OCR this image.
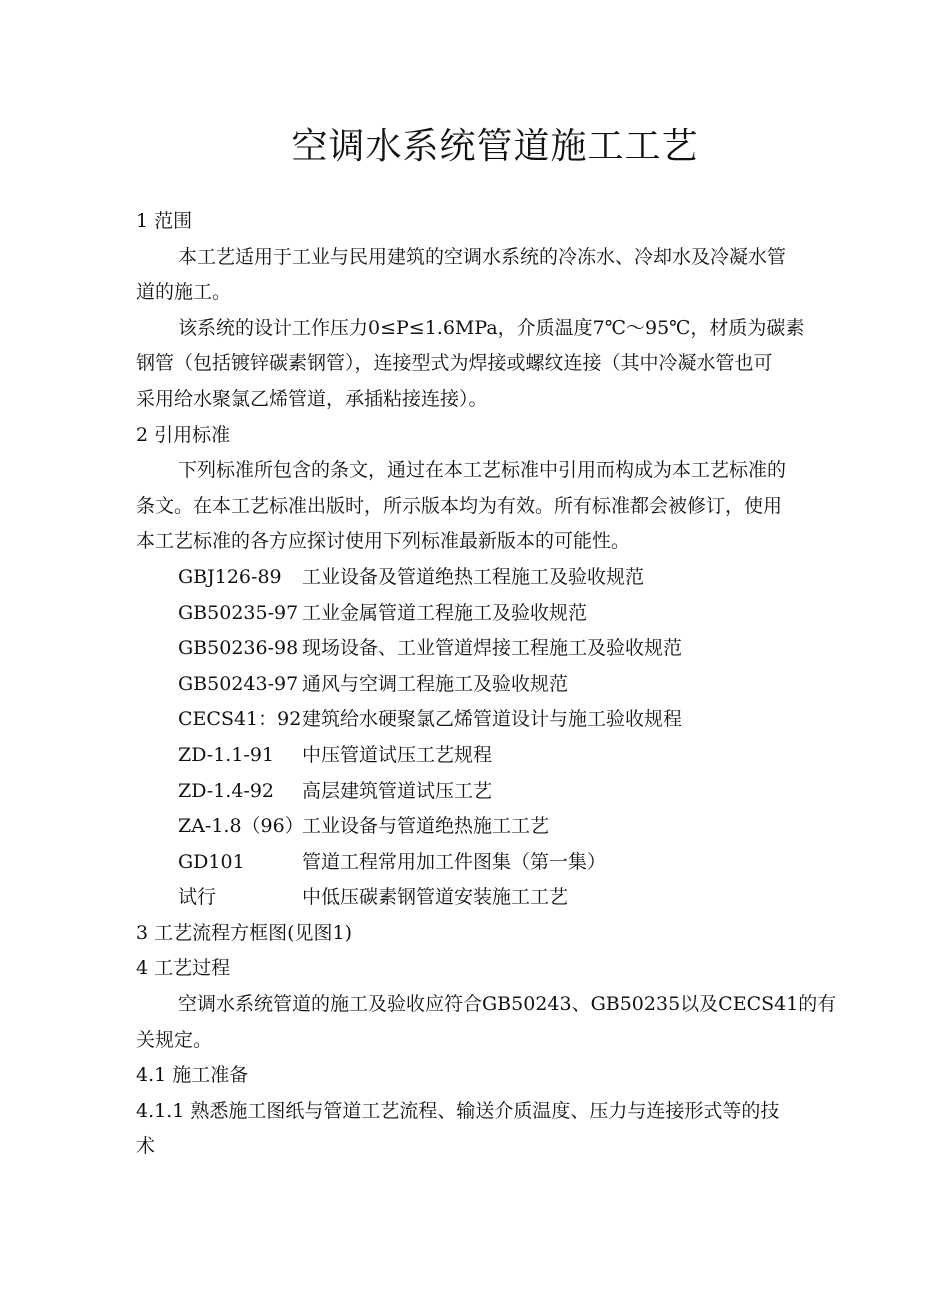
空调水系统管道施工工艺
1 范围
本工艺适用于工业与民用建筑的空调水系统的冷冻水、冷却水及冷凝水管
道的施工。
该系统的设计工作压力0≤P≤1.6MPa，介质温度7℃～95℃，材质为碳素
钢管（包括镀锌碳素钢管），连接型式为焊接或螺纹连接（其中冷凝水管也可
采用给水聚氯乙烯管道，承插粘接连接）。
2 引用标准
下列标准所包含的条文，通过在本工艺标准中引用而构成为本工艺标准的
条文。在本工艺标准出版时，所示版本均为有效。所有标准都会被修订，使用
本工艺标准的各方应探讨使用下列标准最新版本的可能性。
GBJ126-89 工业设备及管道绝热工程施工及验收规范
GB50235-97 工业金属管道工程施工及验收规范
GB50236-98 现场设备、工业管道焊接工程施工及验收规范
GB50243-97 通风与空调工程施工及验收规范
CECS41：92建筑给水硬聚氯乙烯管道设计与施工验收规程
ZD-1.1-91 中压管道试压工艺规程
ZD-1.4-92 高层建筑管道试压工艺
ZA-1.8（96）工业设备与管道绝热施工工艺
GD101	管道工程常用加工件图集（第一集）
试行	中低压碳素钢管道安装施工工艺
3 工艺流程方框图(见图1)
4 工艺过程
空调水系统管道的施工及验收应符合GB50243、GB50235以及CECS41的有
关规定。
4.1 施工准备
4.1.1 熟悉施工图纸与管道工艺流程、输送介质温度、压力与连接形式等的技
术
